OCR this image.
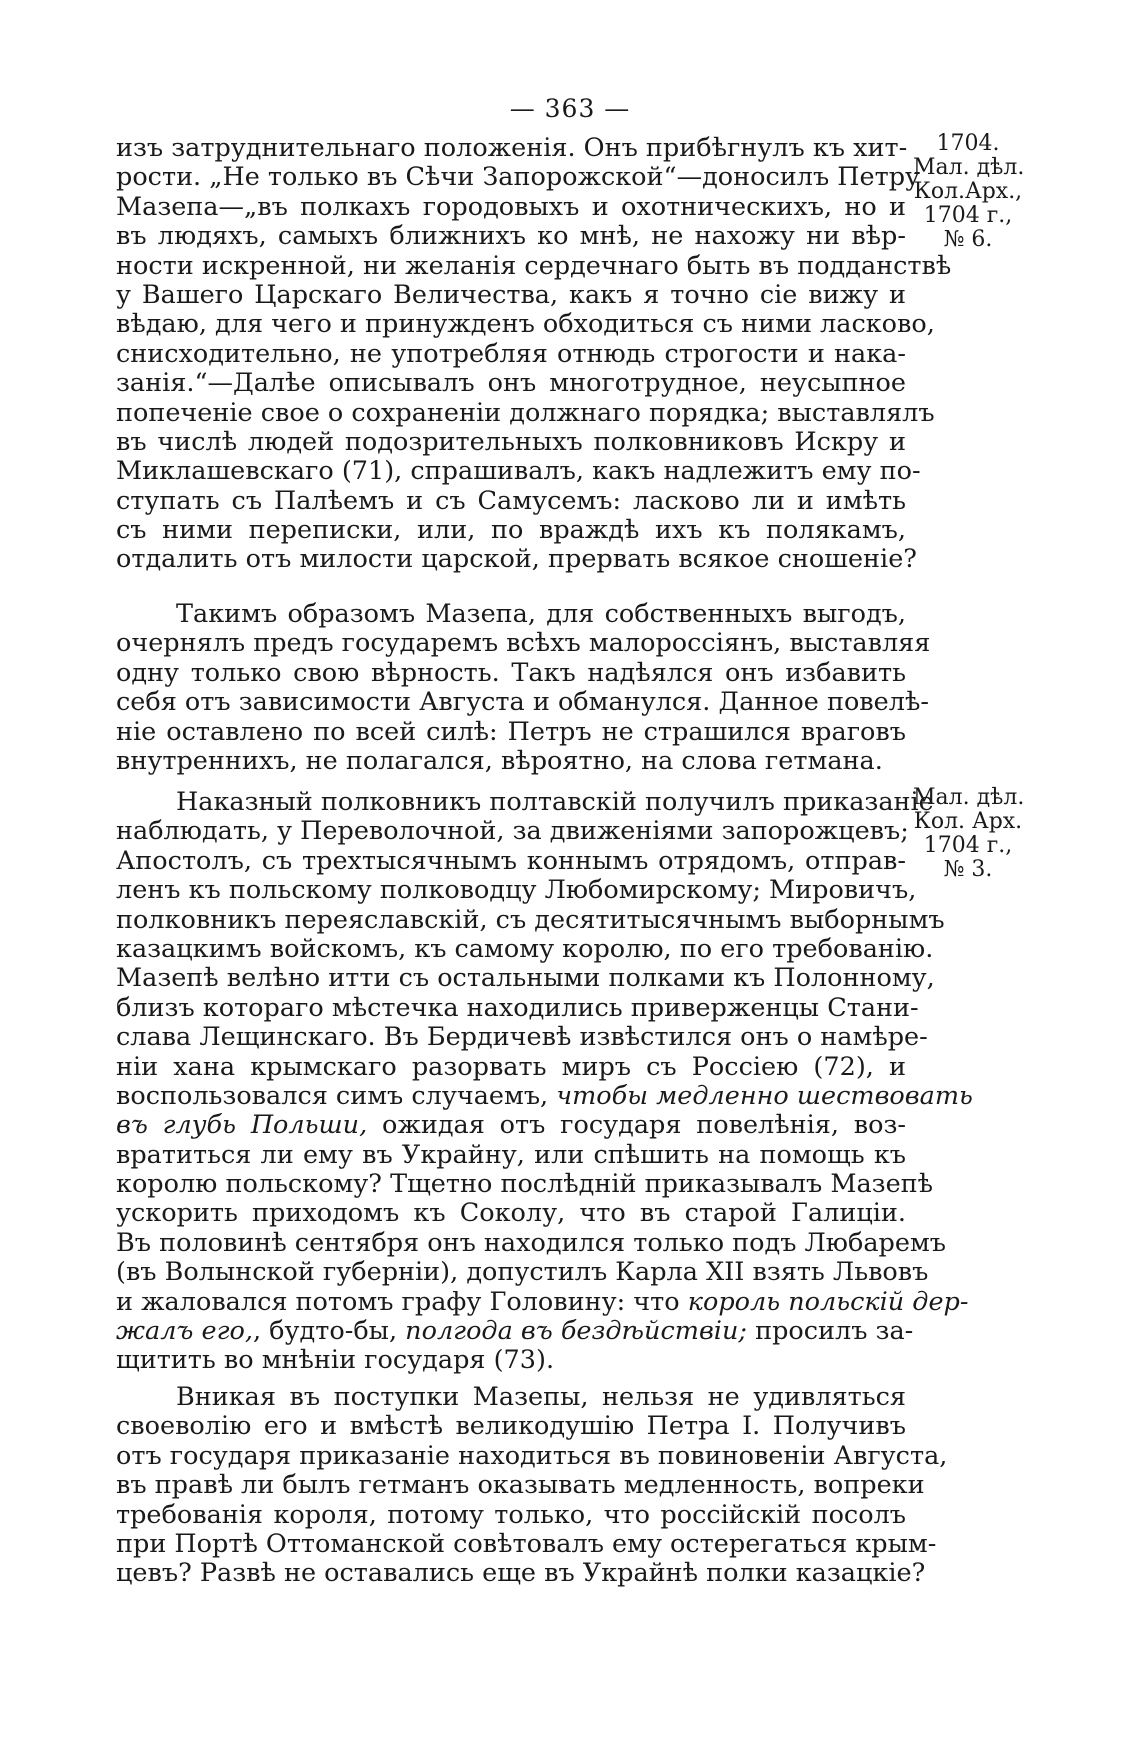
— 363 —
изъ затруднительнаго положенія. Онъ прибѣгнулъ къ хит-
рости. „Не только въ Сѣчи Запорожской“—доносилъ Петру
Мазепа—„въ полкахъ городовыхъ и охотническихъ, но и
въ людяхъ, самыхъ ближнихъ ко мнѣ, не нахожу ни вѣр-
ности искренной, ни желанія сердечнаго быть въ подданствѣ
у Вашего Царскаго Величества, какъ я точно сіе вижу и
вѣдаю, для чего и принужденъ обходиться съ ними ласково,
снисходительно, не употребляя отнюдь строгости и нака-
занія.“—Далѣе описывалъ онъ многотрудное, неусыпное
попеченіе свое о сохраненіи должнаго порядка; выставлялъ
въ числѣ людей подозрительныхъ полковниковъ Искру и
Миклашевскаго (71), спрашивалъ, какъ надлежитъ ему по-
ступать съ Палѣемъ и съ Самусемъ: ласково ли и имѣть
съ ними переписки, или, по враждѣ ихъ къ полякамъ,
отдалить отъ милости царской, прервать всякое сношеніе?
1704.
Мал. дѣл.
Кол.Арх.,
1704 г.,
№ 6.
Такимъ образомъ Мазепа, для собственныхъ выгодъ,
очернялъ предъ государемъ всѣхъ малороссіянъ, выставляя
одну только свою вѣрность. Такъ надѣялся онъ избавить
себя отъ зависимости Августа и обманулся. Данное повелѣ-
ніе оставлено по всей силѣ: Петръ не страшился враговъ
внутреннихъ, не полагался, вѣроятно, на слова гетмана.
Наказный полковникъ полтавскій получилъ приказаніе
наблюдать, у Переволочной, за движеніями запорожцевъ;
Апостолъ, съ трехтысячнымъ коннымъ отрядомъ, отправ-
ленъ къ польскому полководцу Любомирскому; Мировичъ,
полковникъ переяславскій, съ десятитысячнымъ выборнымъ
казацкимъ войскомъ, къ самому королю, по его требованію.
Мазепѣ велѣно итти съ остальными полками къ Полонному,
близъ котораго мѣстечка находились приверженцы Стани-
слава Лещинскаго. Въ Бердичевѣ извѣстился онъ о намѣре-
ніи хана крымскаго разорвать миръ съ Россіею (72), и
воспользовался симъ случаемъ, чтобы медленно шествовать
въ глубь Польши, ожидая отъ государя повелѣнія, воз-
вратиться ли ему въ Украйну, или спѣшить на помощь къ
королю польскому? Тщетно послѣдній приказывалъ Мазепѣ
ускорить приходомъ къ Соколу, что въ старой Галиціи.
Въ половинѣ сентября онъ находился только подъ Любаремъ
(въ Волынской губерніи), допустилъ Карла XII взять Львовъ
и жаловался потомъ графу Головину: что король польскій дер-
жалъ его,, будто-бы, полгода въ бездѣйствіи; просилъ за-
щитить во мнѣніи государя (73).
Мал. дѣл.
Кол. Арх.
1704 г.,
№ 3.
Вникая въ поступки Мазепы, нельзя не удивляться
своеволію его и вмѣстѣ великодушію Петра I. Получивъ
отъ государя приказаніе находиться въ повиновеніи Августа,
въ правѣ ли былъ гетманъ оказывать медленность, вопреки
требованія короля, потому только, что россійскій посолъ
при Портѣ Оттоманской совѣтовалъ ему остерегаться крым-
цевъ? Развѣ не оставались еще въ Украйнѣ полки казацкіе?
